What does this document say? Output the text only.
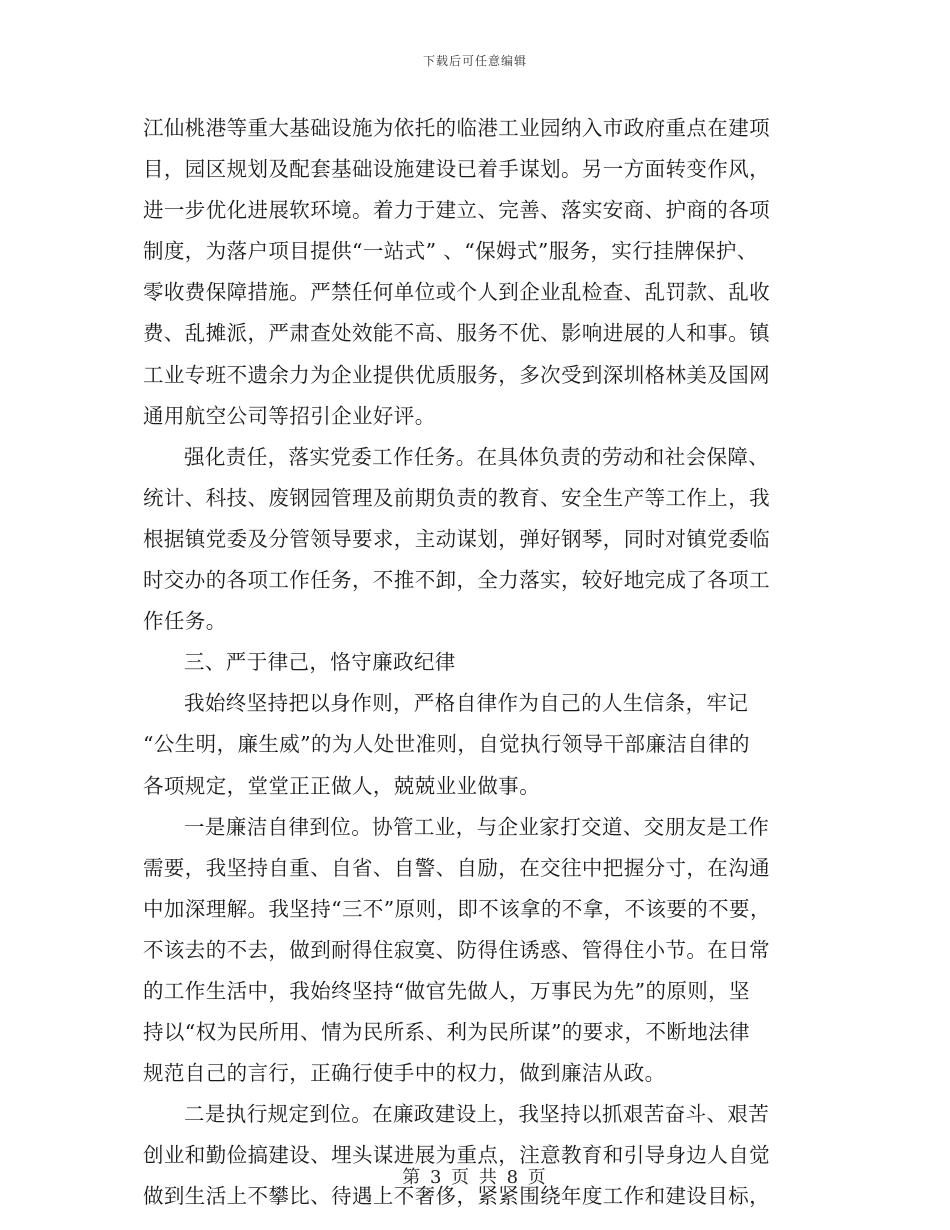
下载后可任意编辑
江仙桃港等重大基础设施为依托的临港工业园纳入市政府重点在建项
目，园区规划及配套基础设施建设已着手谋划。另一方面转变作风，
进一步优化进展软环境。着力于建立、完善、落实安商、护商的各项
制度，为落户项目提供“一站式” 、“保姆式”服务，实行挂牌保护、
零收费保障措施。严禁任何单位或个人到企业乱检查、乱罚款、乱收
费、乱摊派，严肃查处效能不高、服务不优、影响进展的人和事。镇
工业专班不遗余力为企业提供优质服务，多次受到深圳格林美及国网
通用航空公司等招引企业好评。
强化责任，落实党委工作任务。在具体负责的劳动和社会保障、
统计、科技、废钢园管理及前期负责的教育、安全生产等工作上，我
根据镇党委及分管领导要求，主动谋划，弹好钢琴，同时对镇党委临
时交办的各项工作任务，不推不卸，全力落实，较好地完成了各项工
作任务。
三、严于律己，恪守廉政纪律
我始终坚持把以身作则，严格自律作为自己的人生信条，牢记
“公生明，廉生威”的为人处世准则，自觉执行领导干部廉洁自律的
各项规定，堂堂正正做人，兢兢业业做事。
一是廉洁自律到位。协管工业，与企业家打交道、交朋友是工作
需要，我坚持自重、自省、自警、自励，在交往中把握分寸，在沟通
中加深理解。我坚持“三不”原则，即不该拿的不拿，不该要的不要，
不该去的不去，做到耐得住寂寞、防得住诱惑、管得住小节。在日常
的工作生活中，我始终坚持“做官先做人，万事民为先”的原则，坚
持以“权为民所用、情为民所系、利为民所谋”的要求，不断地法律
规范自己的言行，正确行使手中的权力，做到廉洁从政。
二是执行规定到位。在廉政建设上，我坚持以抓艰苦奋斗、艰苦
创业和勤俭搞建设、埋头谋进展为重点，注意教育和引导身边人自觉
做到生活上不攀比、待遇上不奢侈，紧紧围绕年度工作和建设目标，
第 3 页 共 8 页
